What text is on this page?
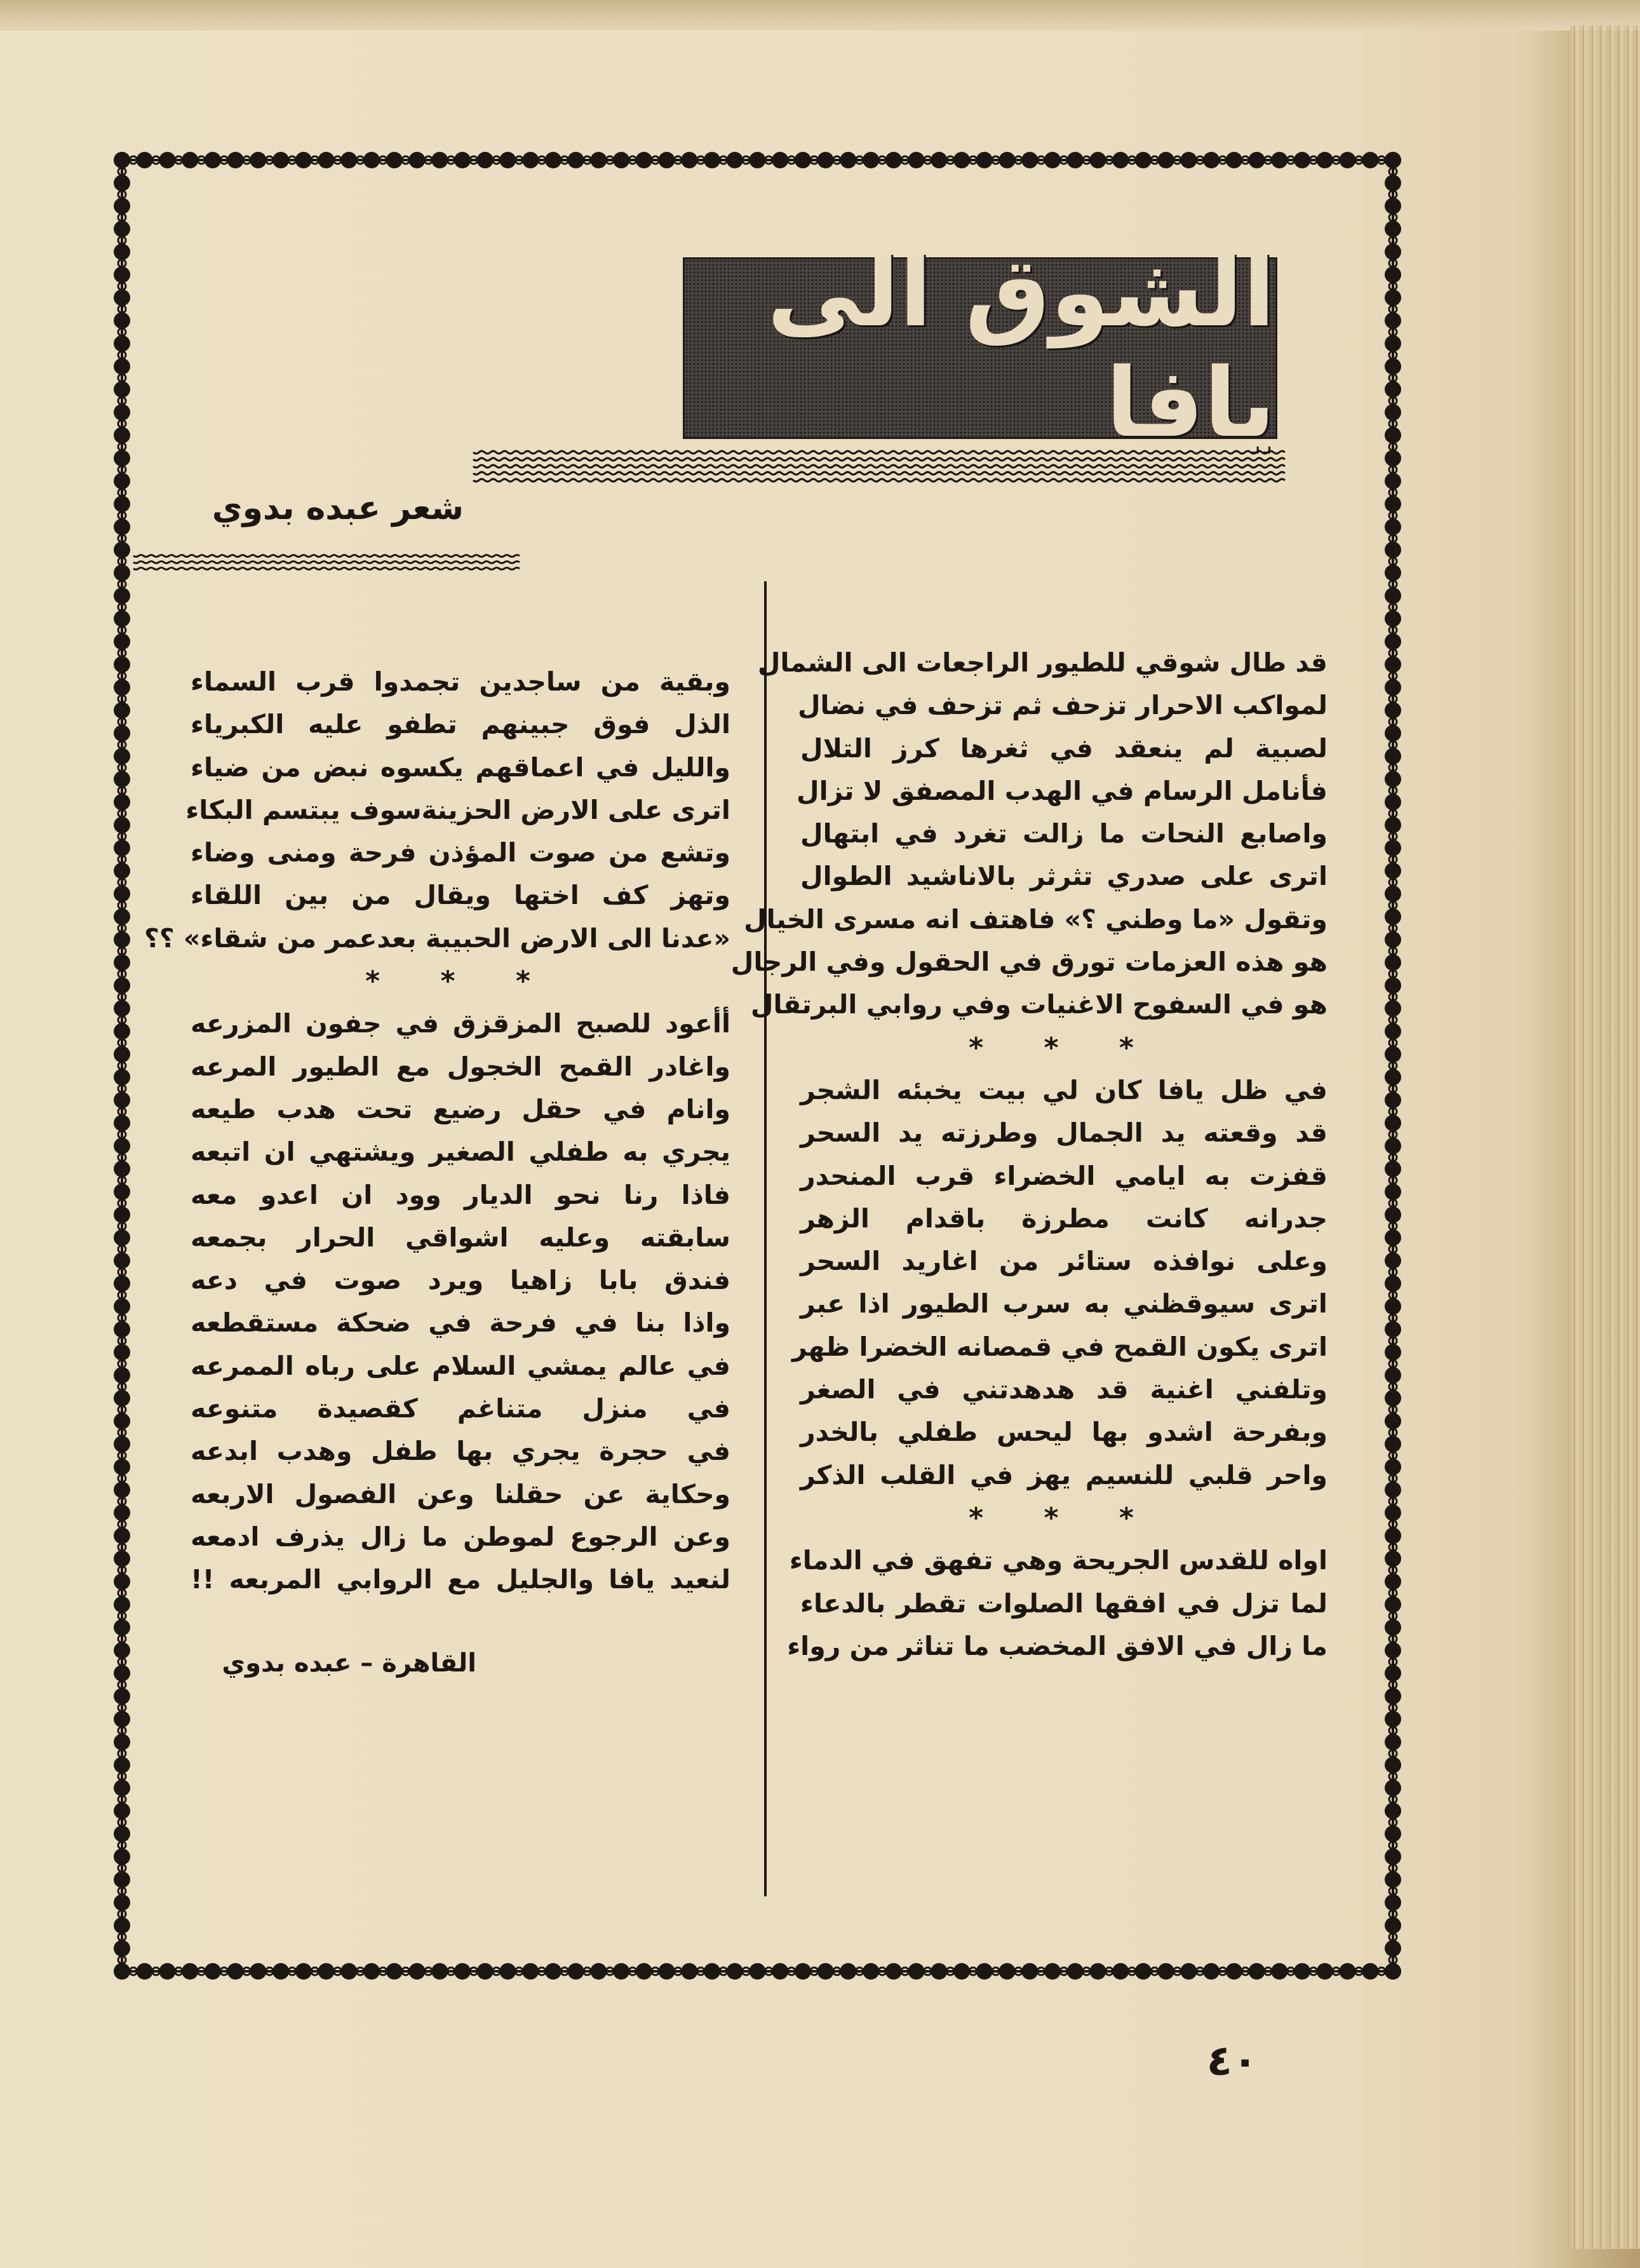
الشوق الى يافا
شعر عبده بدوي
قد طال شوقي للطيور الراجعات الى الشمال
لمواكب الاحرار تزحف ثم تزحف في نضال
لصبية لم ينعقد في ثغرها كرز التلال
فأنامل الرسام في الهدب المصفق لا تزال
واصابع النحات ما زالت تغرد في ابتهال
اترى على صدري تثرثر بالاناشيد الطوال
وتقول «ما وطني ؟» فاهتف انه مسرى الخيال
هو هذه العزمات تورق في الحقول وفي الرجال
هو في السفوح الاغنيات وفي روابي البرتقال
* * *
في ظل يافا كان لي بيت يخبئه الشجر
قد وقعته يد الجمال وطرزته يد السحر
قفزت به ايامي الخضراء قرب المنحدر
جدرانه كانت مطرزة باقدام الزهر
وعلى نوافذه ستائر من اغاريد السحر
اترى سيوقظني به سرب الطيور اذا عبر
اترى يكون القمح في قمصانه الخضرا ظهر
وتلفني اغنية قد هدهدتني في الصغر
وبفرحة اشدو بها ليحس طفلي بالخدر
واحر قلبي للنسيم يهز في القلب الذكر
* * *
اواه للقدس الجريحة وهي تفهق في الدماء
لما تزل في افقها الصلوات تقطر بالدعاء
ما زال في الافق المخضب ما تناثر من رواء
وبقية من ساجدين تجمدوا قرب السماء
الذل فوق جبينهم تطفو عليه الكبرياء
والليل في اعماقهم يكسوه نبض من ضياء
اترى على الارض الحزينةسوف يبتسم البكاء
وتشع من صوت المؤذن فرحة ومنى وضاء
وتهز كف اختها ويقال من بين اللقاء
«عدنا الى الارض الحبيبة بعدعمر من شقاء» ؟؟
* * *
أأعود للصبح المزقزق في جفون المزرعه
واغادر القمح الخجول مع الطيور المرعه
وانام في حقل رضيع تحت هدب طيعه
يجري به طفلي الصغير ويشتهي ان اتبعه
فاذا رنا نحو الديار وود ان اعدو معه
سابقته وعليه اشواقي الحرار بجمعه
فندق بابا زاهيا ويرد صوت في دعه
واذا بنا في فرحة في ضحكة مستقطعه
في عالم يمشي السلام على رباه الممرعه
في منزل متناغم كقصيدة متنوعه
في حجرة يجري بها طفل وهدب ابدعه
وحكاية عن حقلنا وعن الفصول الاربعه
وعن الرجوع لموطن ما زال يذرف ادمعه
لنعيد يافا والجليل مع الروابي المربعه !!
القاهرة – عبده بدوي
٤٠
